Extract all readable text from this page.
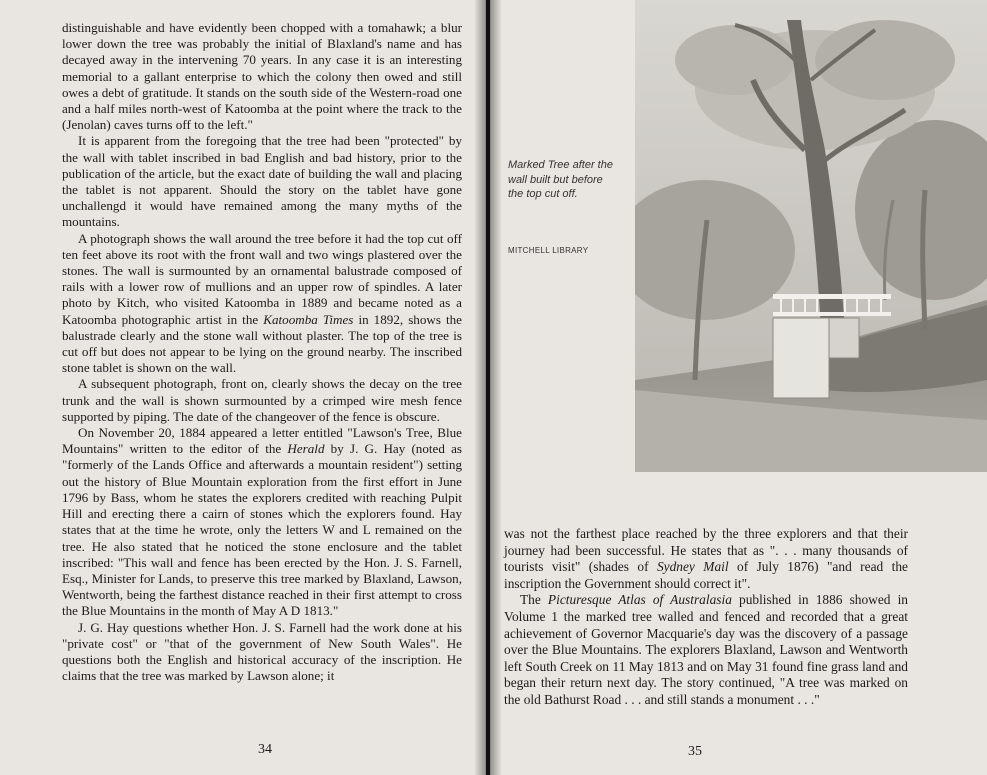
distinguishable and have evidently been chopped with a tomahawk; a blur lower down the tree was probably the initial of Blaxland's name and has decayed away in the intervening 70 years. In any case it is an interesting memorial to a gallant enterprise to which the colony then owed and still owes a debt of gratitude. It stands on the south side of the Western-road one and a half miles north-west of Katoomba at the point where the track to the (Jenolan) caves turns off to the left."

It is apparent from the foregoing that the tree had been "protected" by the wall with tablet inscribed in bad English and bad history, prior to the publication of the article, but the exact date of building the wall and placing the tablet is not apparent. Should the story on the tablet have gone unchallengd it would have remained among the many myths of the mountains.

A photograph shows the wall around the tree before it had the top cut off ten feet above its root with the front wall and two wings plastered over the stones. The wall is surmounted by an ornamental balustrade composed of rails with a lower row of mullions and an upper row of spindles. A later photo by Kitch, who visited Katoomba in 1889 and became noted as a Katoomba photographic artist in the Katoomba Times in 1892, shows the balustrade clearly and the stone wall without plaster. The top of the tree is cut off but does not appear to be lying on the ground nearby. The inscribed stone tablet is shown on the wall.

A subsequent photograph, front on, clearly shows the decay on the tree trunk and the wall is shown surmounted by a crimped wire mesh fence supported by piping. The date of the changeover of the fence is obscure.

On November 20, 1884 appeared a letter entitled "Lawson's Tree, Blue Mountains" written to the editor of the Herald by J. G. Hay (noted as "formerly of the Lands Office and afterwards a mountain resident") setting out the history of Blue Mountain exploration from the first effort in June 1796 by Bass, whom he states the explorers credited with reaching Pulpit Hill and erecting there a cairn of stones which the explorers found. Hay states that at the time he wrote, only the letters W and L remained on the tree. He also stated that he noticed the stone enclosure and the tablet inscribed: "This wall and fence has been erected by the Hon. J. S. Farnell, Esq., Minister for Lands, to preserve this tree marked by Blaxland, Lawson, Wentworth, being the farthest distance reached in their first attempt to cross the Blue Mountains in the month of May A D 1813."

J. G. Hay questions whether Hon. J. S. Farnell had the work done at his "private cost" or "that of the government of New South Wales". He questions both the English and historical accuracy of the inscription. He claims that the tree was marked by Lawson alone; it

34
Marked Tree after the wall built but before the top cut off.
MITCHELL LIBRARY

was not the farthest place reached by the three explorers and that their journey had been successful. He states that as ". . . many thousands of tourists visit" (shades of Sydney Mail of July 1876) "and read the inscription the Government should correct it".

The Picturesque Atlas of Australasia published in 1886 showed in Volume 1 the marked tree walled and fenced and recorded that a great achievement of Governor Macquarie's day was the discovery of a passage over the Blue Mountains. The explorers Blaxland, Lawson and Wentworth left South Creek on 11 May 1813 and on May 31 found fine grass land and began their return next day. The story continued, "A tree was marked on the old Bathurst Road . . . and still stands a monument . . ."

35
